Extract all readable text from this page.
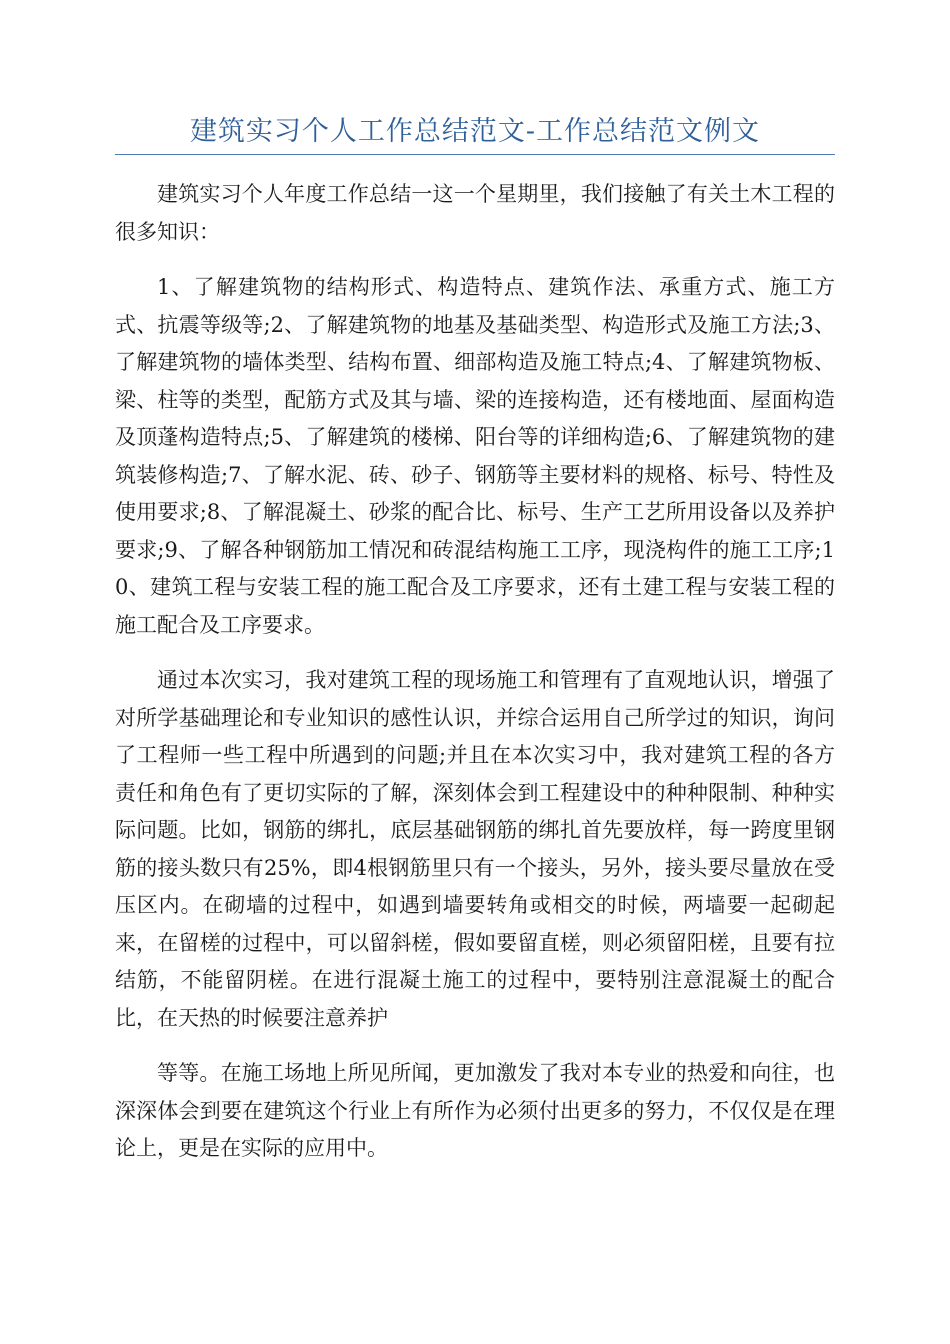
建筑实习个人工作总结范文-工作总结范文例文

建筑实习个人年度工作总结一这一个星期里，我们接触了有关土木工程的很多知识：

1、了解建筑物的结构形式、构造特点、建筑作法、承重方式、施工方式、抗震等级等;2、了解建筑物的地基及基础类型、构造形式及施工方法;3、了解建筑物的墙体类型、结构布置、细部构造及施工特点;4、了解建筑物板、梁、柱等的类型，配筋方式及其与墙、梁的连接构造，还有楼地面、屋面构造及顶蓬构造特点;5、了解建筑的楼梯、阳台等的详细构造;6、了解建筑物的建筑装修构造;7、了解水泥、砖、砂子、钢筋等主要材料的规格、标号、特性及使用要求;8、了解混凝土、砂浆的配合比、标号、生产工艺所用设备以及养护要求;9、了解各种钢筋加工情况和砖混结构施工工序，现浇构件的施工工序;10、建筑工程与安装工程的施工配合及工序要求，还有土建工程与安装工程的施工配合及工序要求。

通过本次实习，我对建筑工程的现场施工和管理有了直观地认识，增强了对所学基础理论和专业知识的感性认识，并综合运用自己所学过的知识，询问了工程师一些工程中所遇到的问题;并且在本次实习中，我对建筑工程的各方责任和角色有了更切实际的了解，深刻体会到工程建设中的种种限制、种种实际问题。比如，钢筋的绑扎，底层基础钢筋的绑扎首先要放样，每一跨度里钢筋的接头数只有25%，即4根钢筋里只有一个接头，另外，接头要尽量放在受压区内。在砌墙的过程中，如遇到墙要转角或相交的时候，两墙要一起砌起来，在留槎的过程中，可以留斜槎，假如要留直槎，则必须留阳槎，且要有拉结筋，不能留阴槎。在进行混凝土施工的过程中，要特别注意混凝土的配合比，在天热的时候要注意养护

等等。在施工场地上所见所闻，更加激发了我对本专业的热爱和向往，也深深体会到要在建筑这个行业上有所作为必须付出更多的努力，不仅仅是在理论上，更是在实际的应用中。
